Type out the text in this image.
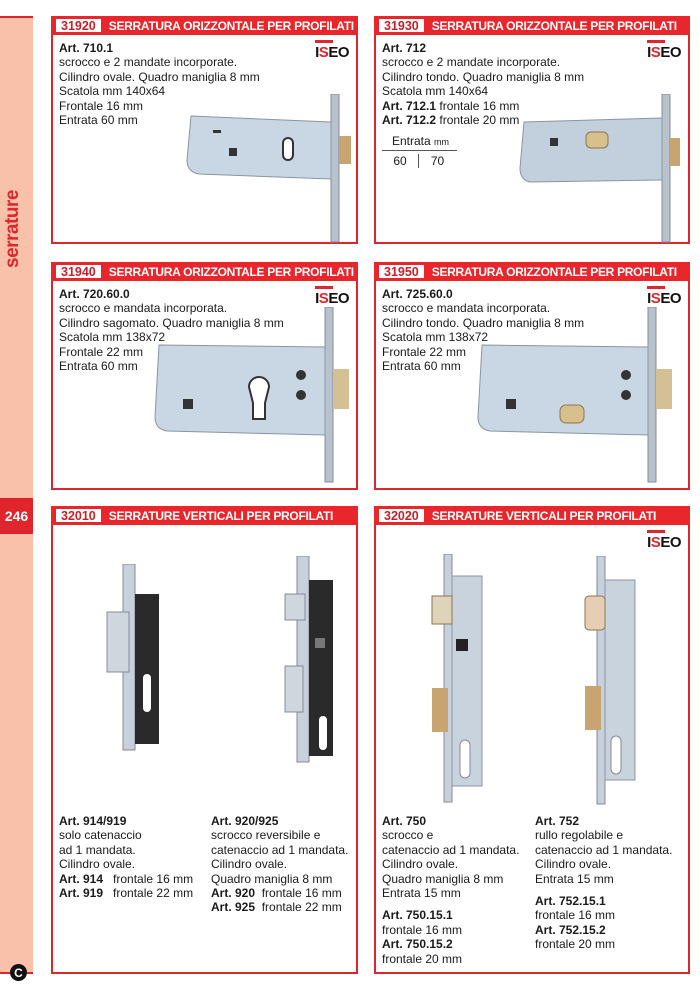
serrature
246
C
31920	SERRATURA ORIZZONTALE PER PROFILATI
ISEO
Art. 710.1
scrocco e 2 mandate incorporate.
Cilindro ovale. Quadro maniglia 8 mm
Scatola mm 140x64
Frontale 16 mm
Entrata 60 mm
31930	SERRATURA ORIZZONTALE PER PROFILATI
ISEO
Art. 712
scrocco e 2 mandate incorporate.
Cilindro tondo. Quadro maniglia 8 mm
Scatola mm 140x64
Art. 712.1 frontale 16 mm
Art. 712.2 frontale 20 mm
Entrata mm
60	70
31940	SERRATURA ORIZZONTALE PER PROFILATI
ISEO
Art. 720.60.0
scrocco e mandata incorporata.
Cilindro sagomato. Quadro maniglia 8 mm
Scatola mm 138x72
Frontale 22 mm
Entrata 60 mm
31950	SERRATURA ORIZZONTALE PER PROFILATI
ISEO
Art. 725.60.0
scrocco e mandata incorporata.
Cilindro tondo. Quadro maniglia 8 mm
Scatola mm 138x72
Frontale 22 mm
Entrata 60 mm
32010	SERRATURE VERTICALI PER PROFILATI
Art. 914/919
solo catenaccio
ad 1 mandata.
Cilindro ovale.
Art. 914 frontale 16 mm
Art. 919 frontale 22 mm
Art. 920/925
scrocco reversibile e
catenaccio ad 1 mandata.
Cilindro ovale.
Quadro maniglia 8 mm
Art. 920 frontale 16 mm
Art. 925 frontale 22 mm
32020	SERRATURE VERTICALI PER PROFILATI
ISEO
Art. 750
scrocco e
catenaccio ad 1 mandata.
Cilindro ovale.
Quadro maniglia 8 mm
Entrata 15 mm

Art. 750.15.1
frontale 16 mm
Art. 750.15.2
frontale 20 mm
Art. 752
rullo regolabile e
catenaccio ad 1 mandata.
Cilindro ovale.
Entrata 15 mm

Art. 752.15.1
frontale 16 mm
Art. 752.15.2
frontale 20 mm
